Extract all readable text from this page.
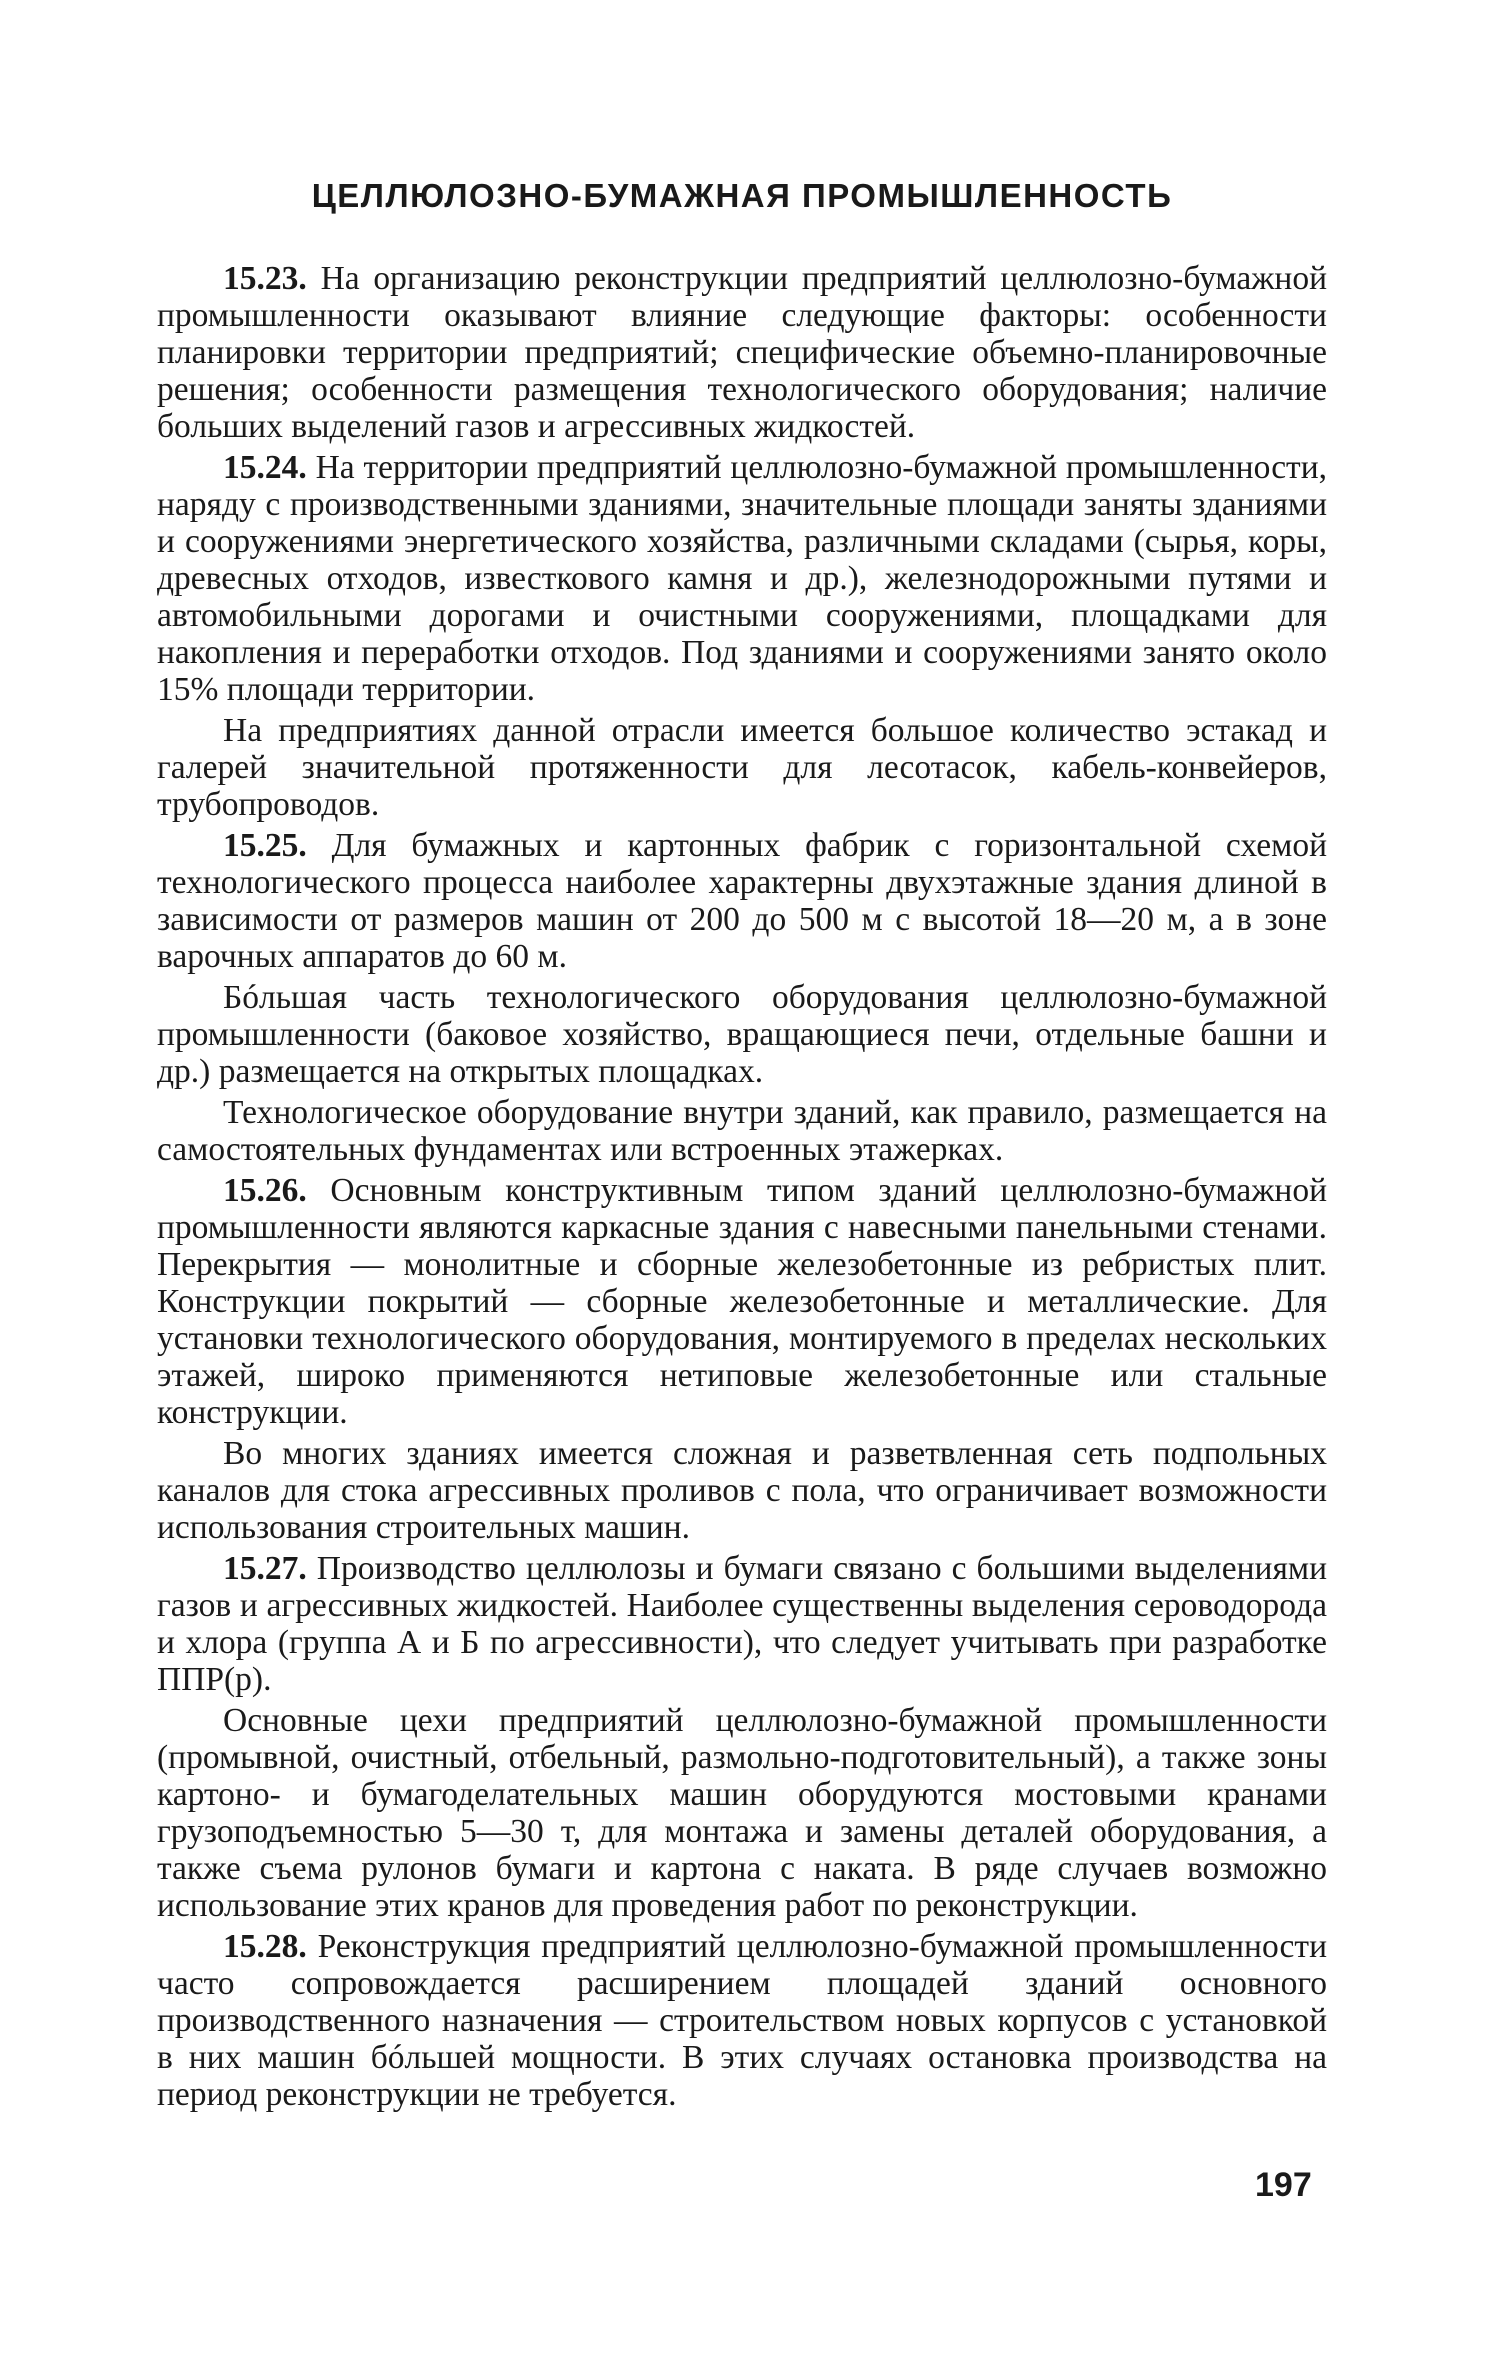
ЦЕЛЛЮЛОЗНО-БУМАЖНАЯ ПРОМЫШЛЕННОСТЬ

15.23. На организацию реконструкции предприятий целлюлозно-бумажной промышленности оказывают влияние следующие факторы: особенности планировки территории предприятий; специфические объемно-планировочные решения; особенности размещения технологического оборудования; наличие больших выделений газов и агрессивных жидкостей.

15.24. На территории предприятий целлюлозно-бумажной промышленности, наряду с производственными зданиями, значительные площади заняты зданиями и сооружениями энергетического хозяйства, различными складами (сырья, коры, древесных отходов, известкового камня и др.), железнодорожными путями и автомобильными дорогами и очистными сооружениями, площадками для накопления и переработки отходов. Под зданиями и сооружениями занято около 15% площади территории.

На предприятиях данной отрасли имеется большое количество эстакад и галерей значительной протяженности для лесотасок, кабель-конвейеров, трубопроводов.

15.25. Для бумажных и картонных фабрик с горизонтальной схемой технологического процесса наиболее характерны двухэтажные здания длиной в зависимости от размеров машин от 200 до 500 м с высотой 18—20 м, а в зоне варочных аппаратов до 60 м.

Бóльшая часть технологического оборудования целлюлозно-бумажной промышленности (баковое хозяйство, вращающиеся печи, отдельные башни и др.) размещается на открытых площадках.

Технологическое оборудование внутри зданий, как правило, размещается на самостоятельных фундаментах или встроенных этажерках.

15.26. Основным конструктивным типом зданий целлюлозно-бумажной промышленности являются каркасные здания с навесными панельными стенами. Перекрытия — монолитные и сборные железобетонные из ребристых плит. Конструкции покрытий — сборные железобетонные и металлические. Для установки технологического оборудования, монтируемого в пределах нескольких этажей, широко применяются нетиповые железобетонные или стальные конструкции.

Во многих зданиях имеется сложная и разветвленная сеть подпольных каналов для стока агрессивных проливов с пола, что ограничивает возможности использования строительных машин.

15.27. Производство целлюлозы и бумаги связано с большими выделениями газов и агрессивных жидкостей. Наиболее существенны выделения сероводорода и хлора (группа А и Б по агрессивности), что следует учитывать при разработке ППР(р).

Основные цехи предприятий целлюлозно-бумажной промышленности (промывной, очистный, отбельный, размольно-подготовительный), а также зоны картоно- и бумагоделательных машин оборудуются мостовыми кранами грузоподъемностью 5—30 т, для монтажа и замены деталей оборудования, а также съема рулонов бумаги и картона с наката. В ряде случаев возможно использование этих кранов для проведения работ по реконструкции.

15.28. Реконструкция предприятий целлюлозно-бумажной промышленности часто сопровождается расширением площадей зданий основного производственного назначения — строительством новых корпусов с установкой в них машин бóльшей мощности. В этих случаях остановка производства на период реконструкции не требуется.

197
